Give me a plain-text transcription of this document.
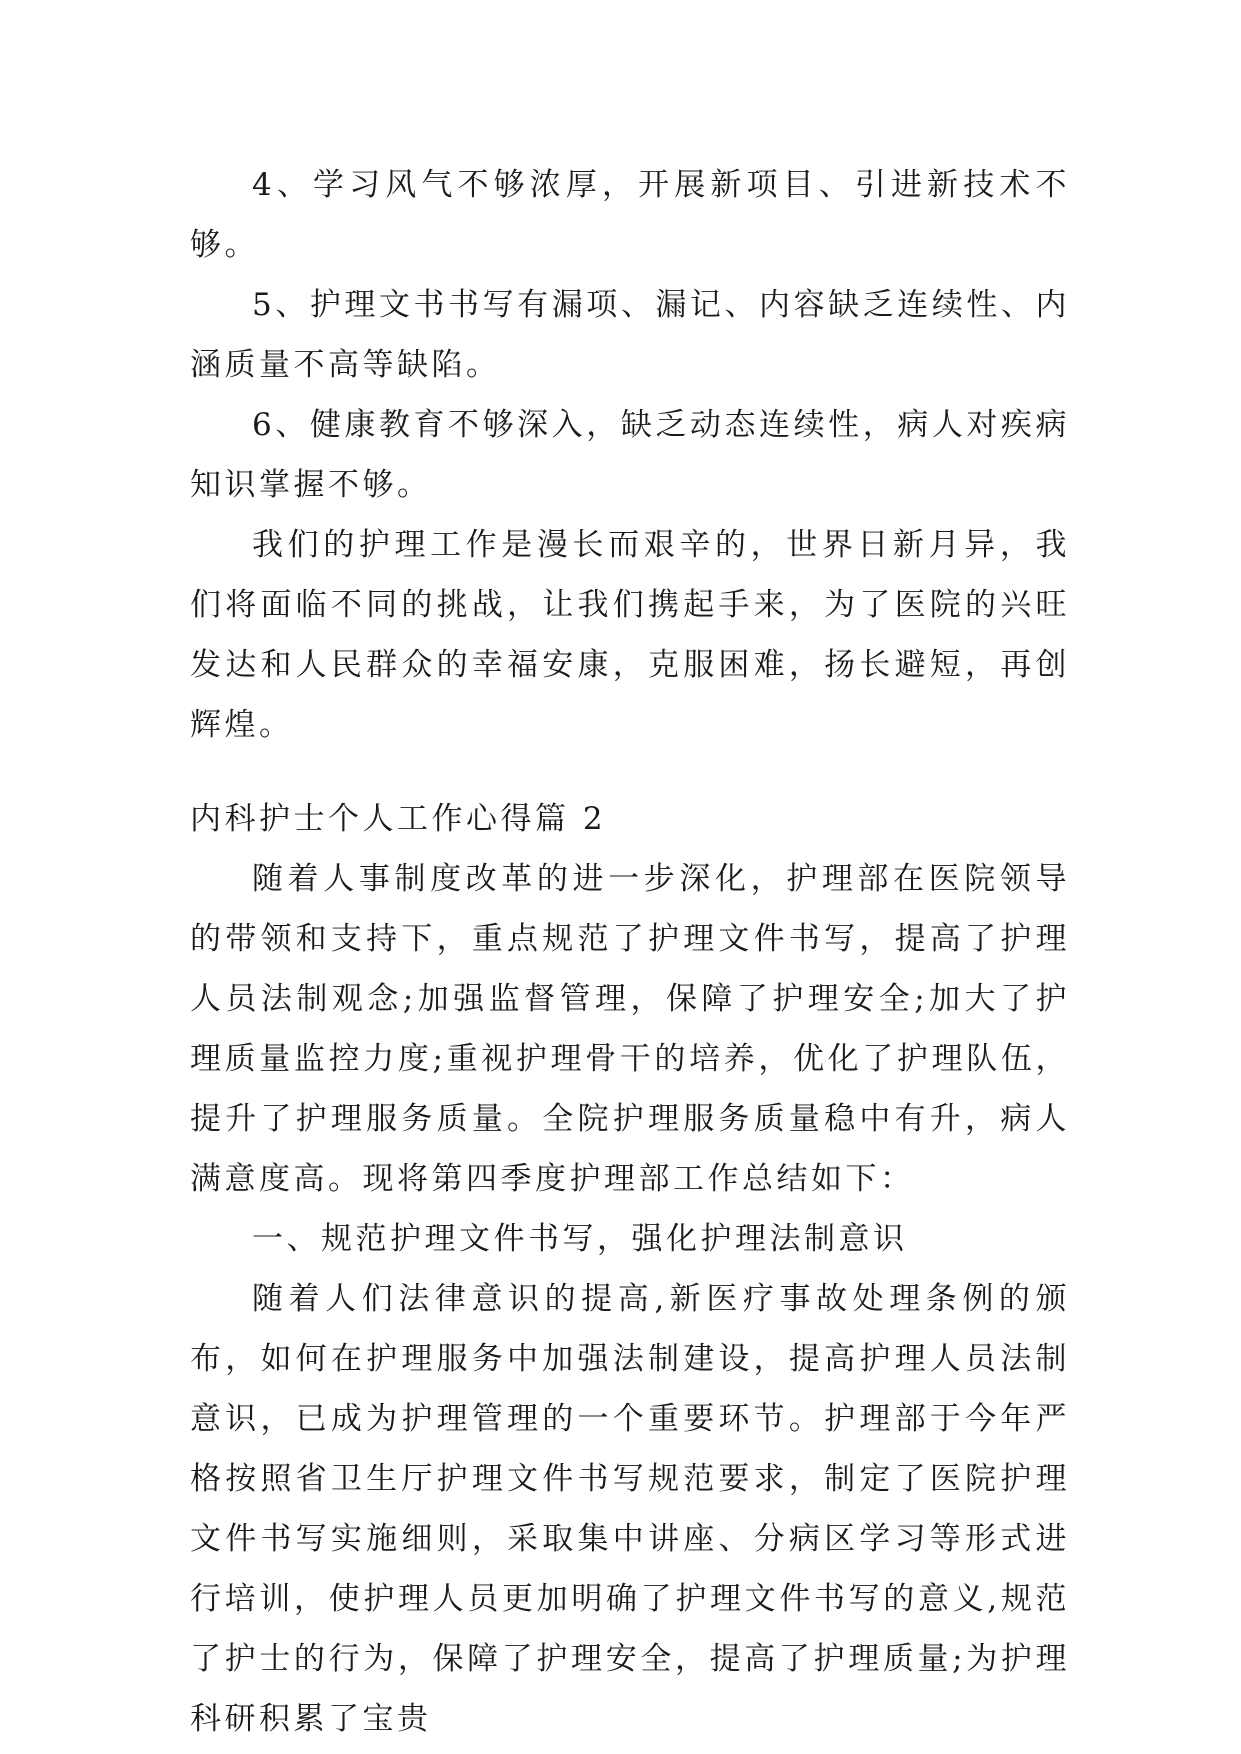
4、学习风气不够浓厚，开展新项目、引进新技术不够。

5、护理文书书写有漏项、漏记、内容缺乏连续性、内涵质量不高等缺陷。

6、健康教育不够深入，缺乏动态连续性，病人对疾病知识掌握不够。

我们的护理工作是漫长而艰辛的，世界日新月异，我们将面临不同的挑战，让我们携起手来，为了医院的兴旺发达和人民群众的幸福安康，克服困难，扬长避短，再创辉煌。

内科护士个人工作心得篇 2

随着人事制度改革的进一步深化，护理部在医院领导的带领和支持下，重点规范了护理文件书写，提高了护理人员法制观念;加强监督管理，保障了护理安全;加大了护理质量监控力度;重视护理骨干的培养，优化了护理队伍，提升了护理服务质量。全院护理服务质量稳中有升，病人满意度高。现将第四季度护理部工作总结如下：

一、规范护理文件书写，强化护理法制意识

随着人们法律意识的提高,新医疗事故处理条例的颁布，如何在护理服务中加强法制建设，提高护理人员法制意识，已成为护理管理的一个重要环节。护理部于今年严格按照省卫生厅护理文件书写规范要求，制定了医院护理文件书写实施细则，采取集中讲座、分病区学习等形式进行培训，使护理人员更加明确了护理文件书写的意义,规范了护士的行为，保障了护理安全，提高了护理质量;为护理科研积累了宝贵
